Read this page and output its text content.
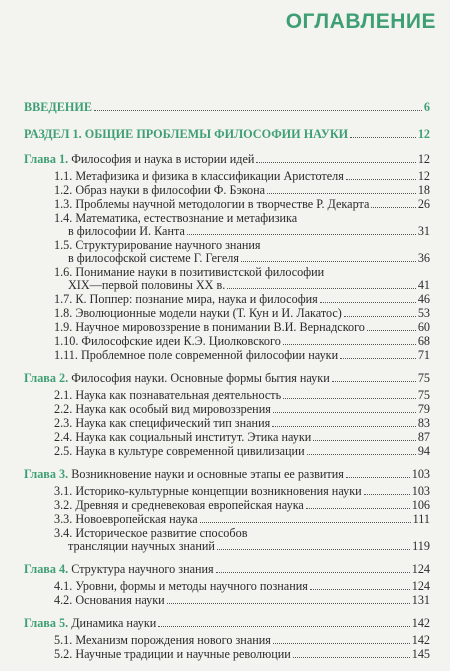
ОГЛАВЛЕНИЕ
ВВЕДЕНИЕ	6
РАЗДЕЛ 1. ОБЩИЕ ПРОБЛЕМЫ ФИЛОСОФИИ НАУКИ	12
Глава 1. Философия и наука в истории идей	12
1.1. Метафизика и физика в классификации Аристотеля	12
1.2. Образ науки в философии Ф. Бэкона	18
1.3. Проблемы научной методологии в творчестве Р. Декарта	26
1.4. Математика, естествознание и метафизика
в философии И. Канта	31
1.5. Структурирование научного знания
в философской системе Г. Гегеля	36
1.6. Понимание науки в позитивистской философии
XIX—первой половины XX в.	41
1.7. К. Поппер: познание мира, наука и философия	46
1.8. Эволюционные модели науки (Т. Кун и И. Лакатос)	53
1.9. Научное мировоззрение в понимании В.И. Вернадского	60
1.10. Философские идеи К.Э. Циолковского	68
1.11. Проблемное поле современной философии науки	71
Глава 2. Философия науки. Основные формы бытия науки	75
2.1. Наука как познавательная деятельность	75
2.2. Наука как особый вид мировоззрения	79
2.3. Наука как специфический тип знания	83
2.4. Наука как социальный институт. Этика науки	87
2.5. Наука в культуре современной цивилизации	94
Глава 3. Возникновение науки и основные этапы ее развития	103
3.1. Историко-культурные концепции возникновения науки	103
3.2. Древняя и средневековая европейская наука	106
3.3. Новоевропейская наука	111
3.4. Историческое развитие способов
трансляции научных знаний	119
Глава 4. Структура научного знания	124
4.1. Уровни, формы и методы научного познания	124
4.2. Основания науки	131
Глава 5. Динамика науки	142
5.1. Механизм порождения нового знания	142
5.2. Научные традиции и научные революции	145
